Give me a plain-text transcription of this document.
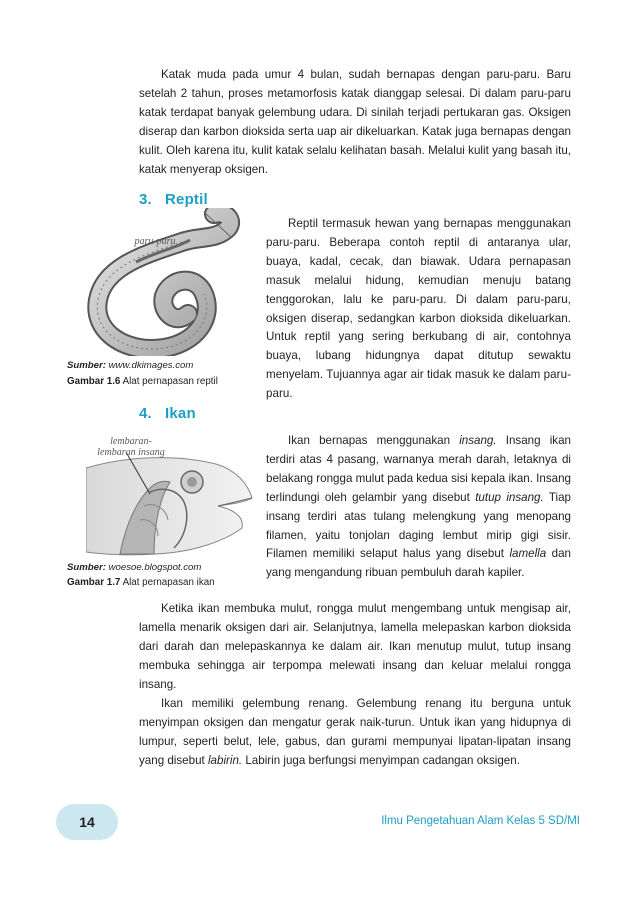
Katak muda pada umur 4 bulan, sudah bernapas dengan paru-paru. Baru setelah 2 tahun, proses metamorfosis katak dianggap selesai. Di dalam paru-paru katak terdapat banyak gelembung udara. Di sinilah terjadi pertukaran gas. Oksigen diserap dan karbon dioksida serta uap air dikeluarkan. Katak juga bernapas dengan kulit. Oleh karena itu, kulit katak selalu kelihatan basah. Melalui kulit yang basah itu, katak menyerap oksigen.

3. Reptil
paru-paru
Sumber: www.dkimages.com
Gambar 1.6 Alat pernapasan reptil

Reptil termasuk hewan yang bernapas menggunakan paru-paru. Beberapa contoh reptil di antaranya ular, buaya, kadal, cecak, dan biawak. Udara pernapasan masuk melalui hidung, kemudian menuju batang tenggorokan, lalu ke paru-paru. Di dalam paru-paru, oksigen diserap, sedangkan karbon dioksida dikeluarkan. Untuk reptil yang sering berkubang di air, contohnya buaya, lubang hidungnya dapat ditutup sewaktu menyelam. Tujuannya agar air tidak masuk ke dalam paru-paru.

4. Ikan
lembaran-
lembaran insang
Sumber: woesoe.blogspot.com
Gambar 1.7 Alat pernapasan ikan

Ikan bernapas menggunakan insang. Insang ikan terdiri atas 4 pasang, warnanya merah darah, letaknya di belakang rongga mulut pada kedua sisi kepala ikan. Insang terlindungi oleh gelambir yang disebut tutup insang. Tiap insang terdiri atas tulang melengkung yang menopang filamen, yaitu tonjolan daging lembut mirip gigi sisir. Filamen memiliki selaput halus yang disebut lamella dan yang mengandung ribuan pembuluh darah kapiler.

Ketika ikan membuka mulut, rongga mulut mengembang untuk mengisap air, lamella menarik oksigen dari air. Selanjutnya, lamella melepaskan karbon dioksida dari darah dan melepaskannya ke dalam air. Ikan menutup mulut, tutup insang membuka sehingga air terpompa melewati insang dan keluar melalui rongga insang.

Ikan memiliki gelembung renang. Gelembung renang itu berguna untuk menyimpan oksigen dan mengatur gerak naik-turun. Untuk ikan yang hidupnya di lumpur, seperti belut, lele, gabus, dan gurami mempunyai lipatan-lipatan insang yang disebut labirin. Labirin juga berfungsi menyimpan cadangan oksigen.

14	Ilmu Pengetahuan Alam Kelas 5 SD/MI
